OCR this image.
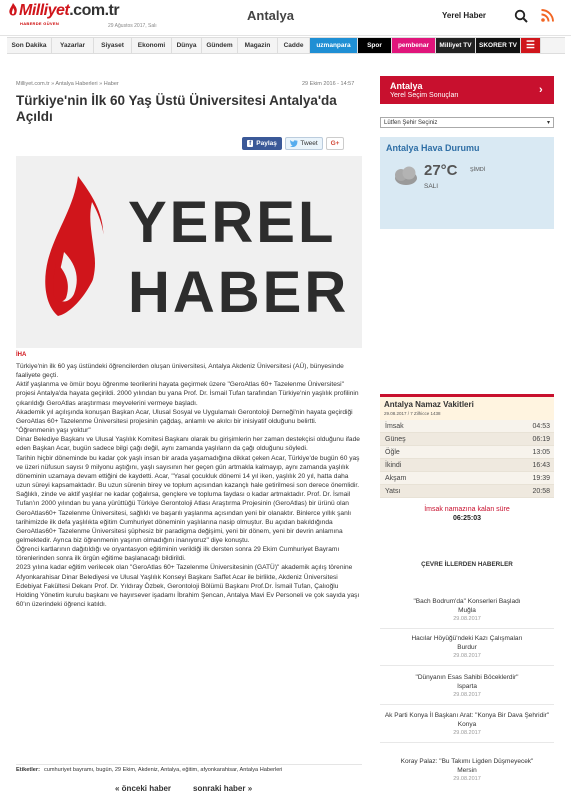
Milliyet.com.tr
HABERDE GÜVEN	29 Ağustos 2017, Salı
Antalya	Yerel Haber
Son Dakika	Yazarlar	Siyaset	Ekonomi	Dünya	Gündem	Magazin	Cadde	uzmanpara	Spor	pembenar	Milliyet TV	SKORER TV ☰
Milliyet.com.tr » Antalya Haberleri » Haber	29 Ekim 2016 - 14:57
Türkiye'nin İlk 60 Yaş Üstü Üniversitesi Antalya'da Açıldı
f Paylaş	Tweet	G+
YEREL
HABER
İHA

Türkiye'nin ilk 60 yaş üstündeki öğrencilerden oluşan üniversitesi, Antalya Akdeniz Üniversitesi (AÜ), bünyesinde faaliyete geçti.

Aktif yaşlanma ve ömür boyu öğrenme teorilerini hayata geçirmek üzere "GeroAtlas 60+ Tazelenme Üniversitesi" projesi Antalya'da hayata geçirildi. 2000 yılından bu yana Prof. Dr. İsmail Tufan tarafından Türkiye'nin yaşlılık profilinin çıkarıldığı GeroAtlas araştırması meyvelerini vermeye başladı.

Akademik yıl açılışında konuşan Başkan Acar, Ulusal Sosyal ve Uygulamalı Gerontoloji Derneği'nin hayata geçirdiği GeroAtlas 60+ Tazelenme Üniversitesi projesinin çağdaş, anlamlı ve akılcı bir inisiyatif olduğunu belirtti.

"Öğrenmenin yaşı yoktur"

Dinar Belediye Başkanı ve Ulusal Yaşlılık Komitesi Başkanı olarak bu girişimlerin her zaman destekçisi olduğunu ifade eden Başkan Acar, bugün sadece bilgi çağı değil, aynı zamanda yaşlıların da çağı olduğunu söyledi.

Tarihin hiçbir döneminde bu kadar çok yaşlı insan bir arada yaşamadığına dikkat çeken Acar, Türkiye'de bugün 60 yaş ve üzeri nüfusun sayısı 9 milyonu aştığını, yaşlı sayısının her geçen gün artmakla kalmayıp, aynı zamanda yaşlılık döneminin uzamaya devam ettiğini de kaydetti. Acar, "Yasal çocukluk dönemi 14 yıl iken, yaşlılık 20 yıl, hatta daha uzun süreyi kapsamaktadır. Bu uzun sürenin birey ve toplum açısından kazançlı hale getirilmesi son derece önemlidir. Sağlıklı, zinde ve aktif yaşlılar ne kadar çoğalırsa, gençlere ve topluma faydası o kadar artmaktadır. Prof. Dr. İsmail Tufan'ın 2000 yılından bu yana yürüttüğü Türkiye Gerontoloji Atlası Araştırma Projesinin (GeroAtlas) bir ürünü olan GeroAtlas60+ Tazelenme Üniversitesi, sağlıklı ve başarılı yaşlanma açısından yeni bir olanaktır. Binlerce yıllık şanlı tarihimizde ilk defa yaşlılıkta eğitim Cumhuriyet döneminin yaşlılarına nasip olmuştur. Bu açıdan bakıldığında GeroAtlas60+ Tazelenme Üniversitesi şüphesiz bir paradigma değişimi, yeni bir dönem, yeni bir devrin anlamına gelmektedir. Ayrıca biz öğrenmenin yaşının olmadığını inanıyoruz" diye konuştu.

Öğrenci kartlarının dağıtıldığı ve oryantasyon eğitiminin verildiği ilk dersten sonra 29 Ekim Cumhuriyet Bayramı törenlerinden sonra ilk örgün eğitime başlanacağı bildirildi.

2023 yılına kadar eğitim verilecek olan "GeroAtlas 60+ Tazelenme Üniversitesinin (GATÜ)" akademik açılış törenine Afyonkarahisar Dinar Belediyesi ve Ulusal Yaşlılık Konseyi Başkanı Saffet Acar ile birlikte, Akdeniz Üniversitesi Edebiyat Fakültesi Dekanı Prof. Dr. Yıldıray Özbek, Gerontoloji Bölümü Başkanı Prof.Dr. İsmail Tufan, Çalıoğlu Holding Yönetim kurulu başkanı ve hayırsever işadamı İbrahim Şencan, Antalya Mavi Ev Personeli ve çok sayıda yaşı 60'ın üzerindeki öğrenci katıldı.

Etiketler: cumhuriyet bayramı, bugün, 29 Ekim, Akdeniz, Antalya, eğitim, afyonkarahisar, Antalya Haberleri
« önceki haber	sonraki haber »
Antalya
Yerel Seçim Sonuçları	›
Lütfen Şehir Seçiniz	▾
Antalya Hava Durumu
27°C ŞİMDİ
SALI
Antalya Namaz Vakitleri
29.08.2017 / 7 Zilhicce 1438
İmsak	04:53
Güneş	06:19
Öğle	13:05
İkindi	16:43
Akşam	19:39
Yatsı	20:58
İmsak namazına kalan süre
06:25:03
ÇEVRE İLLERDEN HABERLER
"Bach Bodrum'da" Konserleri Başladı
Muğla
29.08.2017
Hacılar Höyüğü'ndeki Kazı Çalışmaları
Burdur
29.08.2017
"Dünyanın Esas Sahibi Böceklerdir"
Isparta
29.08.2017
Ak Parti Konya İl Başkanı Arat: "Konya Bir Dava Şehridir"
Konya
29.08.2017
Koray Palaz: "Bu Takımı Ligden Düşmeyecek"
Mersin
29.08.2017
